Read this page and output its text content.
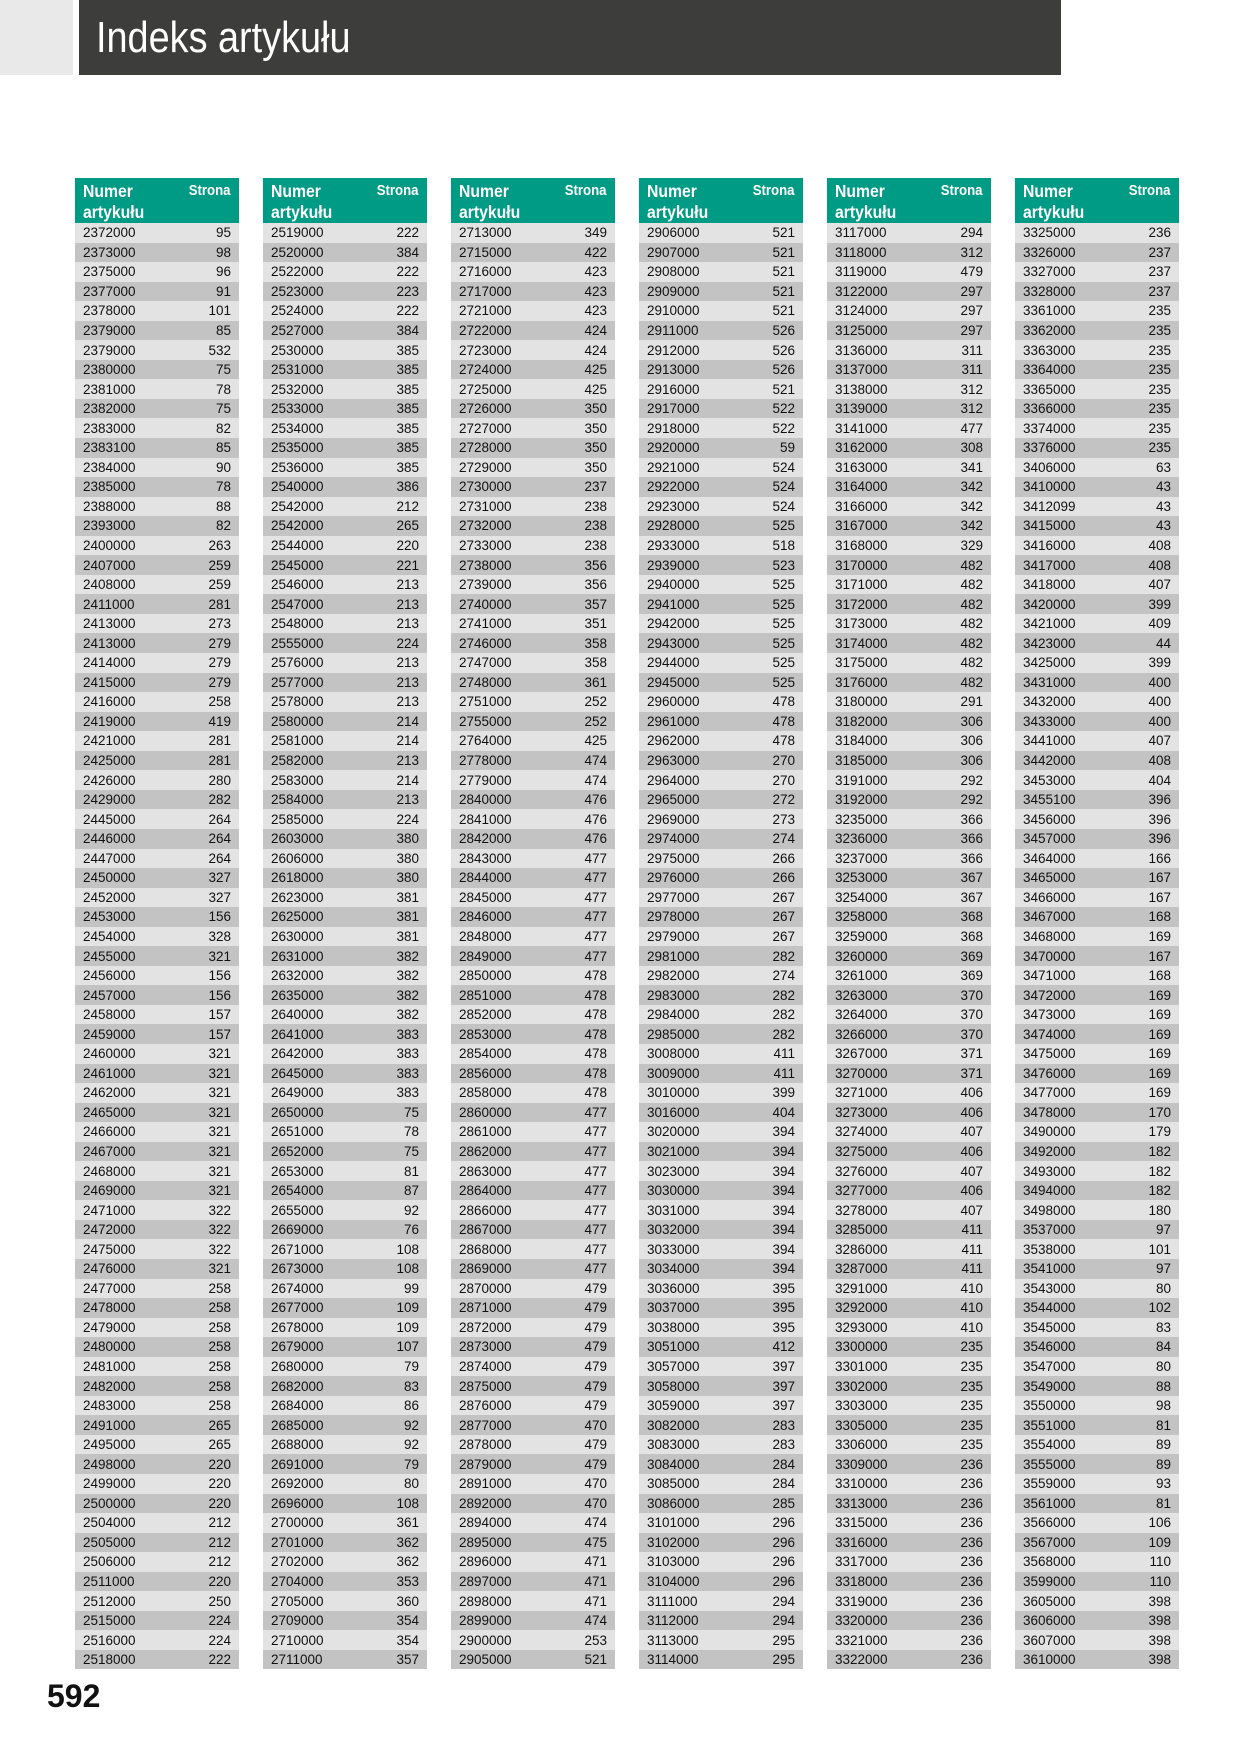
Indeks artykułu
Numer artykułu
Strona
2372000	95
2373000	98
2375000	96
2377000	91
2378000	101
2379000	85
2379000	532
2380000	75
2381000	78
2382000	75
2383000	82
2383100	85
2384000	90
2385000	78
2388000	88
2393000	82
2400000	263
2407000	259
2408000	259
2411000	281
2413000	273
2413000	279
2414000	279
2415000	279
2416000	258
2419000	419
2421000	281
2425000	281
2426000	280
2429000	282
2445000	264
2446000	264
2447000	264
2450000	327
2452000	327
2453000	156
2454000	328
2455000	321
2456000	156
2457000	156
2458000	157
2459000	157
2460000	321
2461000	321
2462000	321
2465000	321
2466000	321
2467000	321
2468000	321
2469000	321
2471000	322
2472000	322
2475000	322
2476000	321
2477000	258
2478000	258
2479000	258
2480000	258
2481000	258
2482000	258
2483000	258
2491000	265
2495000	265
2498000	220
2499000	220
2500000	220
2504000	212
2505000	212
2506000	212
2511000	220
2512000	250
2515000	224
2516000	224
2518000	222
Numer artykułu
Strona
2519000	222
2520000	384
2522000	222
2523000	223
2524000	222
2527000	384
2530000	385
2531000	385
2532000	385
2533000	385
2534000	385
2535000	385
2536000	385
2540000	386
2542000	212
2542000	265
2544000	220
2545000	221
2546000	213
2547000	213
2548000	213
2555000	224
2576000	213
2577000	213
2578000	213
2580000	214
2581000	214
2582000	213
2583000	214
2584000	213
2585000	224
2603000	380
2606000	380
2618000	380
2623000	381
2625000	381
2630000	381
2631000	382
2632000	382
2635000	382
2640000	382
2641000	383
2642000	383
2645000	383
2649000	383
2650000	75
2651000	78
2652000	75
2653000	81
2654000	87
2655000	92
2669000	76
2671000	108
2673000	108
2674000	99
2677000	109
2678000	109
2679000	107
2680000	79
2682000	83
2684000	86
2685000	92
2688000	92
2691000	79
2692000	80
2696000	108
2700000	361
2701000	362
2702000	362
2704000	353
2705000	360
2709000	354
2710000	354
2711000	357
Numer artykułu
Strona
2713000	349
2715000	422
2716000	423
2717000	423
2721000	423
2722000	424
2723000	424
2724000	425
2725000	425
2726000	350
2727000	350
2728000	350
2729000	350
2730000	237
2731000	238
2732000	238
2733000	238
2738000	356
2739000	356
2740000	357
2741000	351
2746000	358
2747000	358
2748000	361
2751000	252
2755000	252
2764000	425
2778000	474
2779000	474
2840000	476
2841000	476
2842000	476
2843000	477
2844000	477
2845000	477
2846000	477
2848000	477
2849000	477
2850000	478
2851000	478
2852000	478
2853000	478
2854000	478
2856000	478
2858000	478
2860000	477
2861000	477
2862000	477
2863000	477
2864000	477
2866000	477
2867000	477
2868000	477
2869000	477
2870000	479
2871000	479
2872000	479
2873000	479
2874000	479
2875000	479
2876000	479
2877000	470
2878000	479
2879000	479
2891000	470
2892000	470
2894000	474
2895000	475
2896000	471
2897000	471
2898000	471
2899000	474
2900000	253
2905000	521
Numer artykułu
Strona
2906000	521
2907000	521
2908000	521
2909000	521
2910000	521
2911000	526
2912000	526
2913000	526
2916000	521
2917000	522
2918000	522
2920000	59
2921000	524
2922000	524
2923000	524
2928000	525
2933000	518
2939000	523
2940000	525
2941000	525
2942000	525
2943000	525
2944000	525
2945000	525
2960000	478
2961000	478
2962000	478
2963000	270
2964000	270
2965000	272
2969000	273
2974000	274
2975000	266
2976000	266
2977000	267
2978000	267
2979000	267
2981000	282
2982000	274
2983000	282
2984000	282
2985000	282
3008000	411
3009000	411
3010000	399
3016000	404
3020000	394
3021000	394
3023000	394
3030000	394
3031000	394
3032000	394
3033000	394
3034000	394
3036000	395
3037000	395
3038000	395
3051000	412
3057000	397
3058000	397
3059000	397
3082000	283
3083000	283
3084000	284
3085000	284
3086000	285
3101000	296
3102000	296
3103000	296
3104000	296
3111000	294
3112000	294
3113000	295
3114000	295
Numer artykułu
Strona
3117000	294
3118000	312
3119000	479
3122000	297
3124000	297
3125000	297
3136000	311
3137000	311
3138000	312
3139000	312
3141000	477
3162000	308
3163000	341
3164000	342
3166000	342
3167000	342
3168000	329
3170000	482
3171000	482
3172000	482
3173000	482
3174000	482
3175000	482
3176000	482
3180000	291
3182000	306
3184000	306
3185000	306
3191000	292
3192000	292
3235000	366
3236000	366
3237000	366
3253000	367
3254000	367
3258000	368
3259000	368
3260000	369
3261000	369
3263000	370
3264000	370
3266000	370
3267000	371
3270000	371
3271000	406
3273000	406
3274000	407
3275000	406
3276000	407
3277000	406
3278000	407
3285000	411
3286000	411
3287000	411
3291000	410
3292000	410
3293000	410
3300000	235
3301000	235
3302000	235
3303000	235
3305000	235
3306000	235
3309000	236
3310000	236
3313000	236
3315000	236
3316000	236
3317000	236
3318000	236
3319000	236
3320000	236
3321000	236
3322000	236
Numer artykułu
Strona
3325000	236
3326000	237
3327000	237
3328000	237
3361000	235
3362000	235
3363000	235
3364000	235
3365000	235
3366000	235
3374000	235
3376000	235
3406000	63
3410000	43
3412099	43
3415000	43
3416000	408
3417000	408
3418000	407
3420000	399
3421000	409
3423000	44
3425000	399
3431000	400
3432000	400
3433000	400
3441000	407
3442000	408
3453000	404
3455100	396
3456000	396
3457000	396
3464000	166
3465000	167
3466000	167
3467000	168
3468000	169
3470000	167
3471000	168
3472000	169
3473000	169
3474000	169
3475000	169
3476000	169
3477000	169
3478000	170
3490000	179
3492000	182
3493000	182
3494000	182
3498000	180
3537000	97
3538000	101
3541000	97
3543000	80
3544000	102
3545000	83
3546000	84
3547000	80
3549000	88
3550000	98
3551000	81
3554000	89
3555000	89
3559000	93
3561000	81
3566000	106
3567000	109
3568000	110
3599000	110
3605000	398
3606000	398
3607000	398
3610000	398
592
